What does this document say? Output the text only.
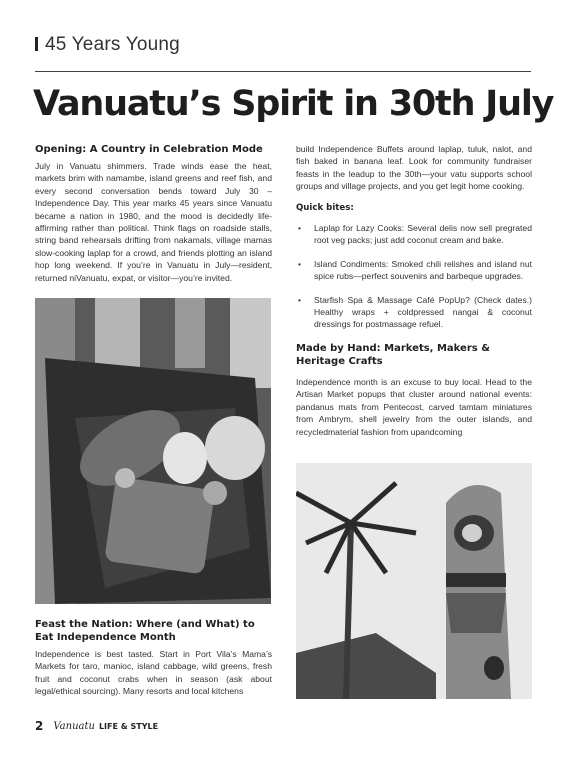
45 Years Young
Vanuatu’s Spirit in 30th July
Opening: A Country in Celebration Mode

July in Vanuatu shimmers. Trade winds ease the heat, markets brim with namambe, island greens and reef fish, and every second conversation bends toward July 30 – Independence Day. This year marks 45 years since Vanuatu became a nation in 1980, and the mood is decidedly life-affirming rather than political. Think flags on roadside stalls, string band rehearsals drifting from nakamals, village mamas slow-cooking laplap for a crowd, and friends plotting an island hop long weekend. If you’re in Vanuatu in July—resident, returned niVanuatu, expat, or visitor—you’re invited.

Feast the Nation: Where (and What) to Eat Independence Month

Independence is best tasted. Start in Port Vila’s Mama’s Markets for taro, manioc, island cabbage, wild greens, fresh fruit and coconut crabs when in season (ask about legal/ethical sourcing). Many resorts and local kitchens

build Independence Buffets around laplap, tuluk, nalot, and fish baked in banana leaf. Look for community fundraiser feasts in the leadup to the 30th—your vatu supports school groups and village projects, and you get legit home cooking.

Quick bites:
• Laplap for Lazy Cooks: Several delis now sell pregrated root veg packs; just add coconut cream and bake.
• Island Condiments: Smoked chili relishes and island nut spice rubs—perfect souvenirs and barbeque upgrades.
• Starfish Spa & Massage Café PopUp? (Check dates.) Healthy wraps + coldpressed nangai & coconut dressings for postmassage refuel.
Made by Hand: Markets, Makers & Heritage Crafts

Independence month is an excuse to buy local. Head to the Artisan Market popups that cluster around national events: pandanus mats from Pentecost, carved tamtam miniatures from Ambrym, shell jewelry from the outer islands, and recycledmaterial fashion from upandcoming

2 Vanuatu LIFE & STYLE
